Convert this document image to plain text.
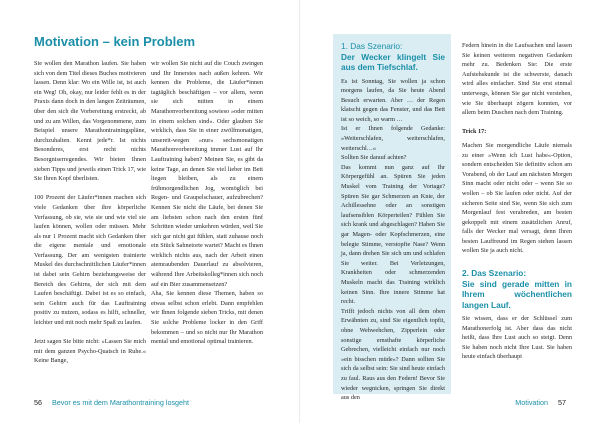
Motivation – kein Problem

Sie wollen den Marathon laufen. Sie haben sich von dem Titel dieses Buches motivieren lassen. Denn klar: Wo ein Wille ist, ist auch ein Weg! Oh, okay, nur leider fehlt es in der Praxis dann doch in den langen Zeiträumen, über den sich die Vorbereitung erstreckt, ab und zu am Willen, das Vorgenommene, zum Beispiel unsere Marathontrainingspläne, durchzuhalten. Kennt jede*r. Ist nichts Besonderes, erst recht nichts Besorgniserregendes. Wir bieten Ihnen sieben Tipps und jeweils einen Trick 17, wie Sie Ihren Kopf überlisten.

100 Prozent der Läufer*innen machen sich viele Gedanken über ihre körperliche Verfassung, ob sie, wie sie und wie viel sie laufen können, wollen oder müssen. Mehr als nur 1 Prozent macht sich Gedanken über die eigene mentale und emotionale Verfassung. Der am wenigsten trainierte Muskel des durchschnittlichen Läufer*innen ist dabei sein Gehirn beziehungsweise der Bereich des Gehirns, der sich mit dem Laufen beschäftigt. Dabei ist es so einfach, sein Gehirn auch für das Lauftraining positiv zu nutzen, sodass es hilft, schneller, leichter und mit noch mehr Spaß zu laufen.

Jetzt sagen Sie bitte nicht: »Lassen Sie mich mit dem ganzen Psycho-Quatsch in Ruhe.« Keine Bange,

wir wollen Sie nicht auf die Couch zwingen und Ihr Innerstes nach außen kehren. Wir kennen die Probleme, die Läufer*innen tagtäglich beschäftigen – vor allem, wenn sie sich mitten in einem Marathonvorbereitung sowieso »oder mitten in einem solchen sind«. Oder glauben Sie wirklich, dass Sie in einer zwölfmonatigen, unsereit-wegen »nur« sechsmonatigen Marathonvorbereitung immer Lust auf Ihr Lauftraining haben? Meinen Sie, es gibt da keine Tage, an denen Sie viel lieber im Bett liegen bleiben, als zu einem frühmorgendlichen Jog, womöglich bei Regen- und Graupelschauer, aufzubrechen? Kennen Sie nicht die Läufe, bei denen Sie am liebsten schon nach den ersten fünf Schritten wieder umkehren würden, weil Sie sich gar nicht gut fühlen, statt zuhause noch ein Stück Sahnetorte wartet? Macht es Ihnen wirklich nichts aus, nach der Arbeit einen atemraubenden Dauerlauf zu absolvieren, während Ihre Arbeitskolleg*innen sich noch auf ein Bier zusammensetzen?

Aha, Sie kennen diese Themen, haben so etwas selbst schon erlebt. Dann empfehlen wir Ihnen folgende sieben Tricks, mit denen Sie solche Probleme locker in den Griff bekommen – und so nicht nur Ihr Marathon mental und emotional optimal trainieren.

56 Bevor es mit dem Marathontraining losgeht
1. Das Szenario:
Der Wecker klingelt Sie aus dem Tiefschlaf.

Es ist Sonntag, Sie wollen ja schon morgens laufen, da Sie heute Abend Besuch erwarten. Aber … der Regen klatscht gegen das Fenster, und das Bett ist so weich, so warm …

Ist er Ihnen folgende Gedanke: »Weiterschlafen, weiterschlafen, weiterschl…«

Sollten Sie darauf achten?

Das kommt nun ganz auf Ihr Körpergefühl an. Spüren Sie jeden Muskel vom Training der Vortage? Spüren Sie gar Schmerzen an Knie, der Achillessehne oder an sonstigen laufsensiblen Körperteilen? Fühlen Sie sich krank und abgeschlagen? Haben Sie gar Magen- oder Kopfschmerzen, eine belegte Stimme, verstopfte Nase? Wenn ja, dann drehen Sie sich um und schlafen Sie weiter. Bei Verletzungen, Krankheiten oder schmerzenden Muskeln macht das Training wirklich keinen Sinn. Ihre innere Stimme hat recht.

Trifft jedoch nichts von all dem oben Erwähnten zu, sind Sie eigentlich topfit, ohne Wehwehchen, Zipperlein oder sonstige ernsthafte körperliche Gebrechen, vielleicht einfach nur noch »ein bisschen müde«? Dann sollten Sie sich da selbst sein: Sie sind heute einfach zu faul. Raus aus den Federn! Bevor Sie wieder wegnicken, springen Sie direkt aus den

Federn hinein in die Laufsachen und lassen Sie keinen weiteren negativen Gedanken mehr zu. Bedenken Sie: Die erste Aufstehskunde ist die schwerste, danach wird alles einfacher. Sind Sie erst einmal unterwegs, können Sie gar nicht verstehen, wie Sie überhaupt zögern konnten, vor allem beim Duschen nach dem Training.

Trick 17:

Machen Sie morgendliche Läufe niemals zu einer »Wenn ich Lust habe«-Option, sondern entscheiden Sie definitiv schon am Vorabend, ob der Lauf am nächsten Morgen Sinn macht oder nicht oder – wenn Sie so wollen – ob Sie laufen oder nicht. Auf der sicheren Seite sind Sie, wenn Sie sich zum Morgenlauf fest verabreden, am besten gekoppelt mit einem zusätzlichen Anruf, falls der Wecker mal versagt, denn Ihren besten Lauffreund im Regen stehen lassen wollen Sie ja auch nicht.

2. Das Szenario:
Sie sind gerade mitten in Ihrem wöchentlichen langen Lauf.

Sie wissen, dass er der Schlüssel zum Marathonerfolg ist. Aber dass das nicht heißt, dass Ihre Lust auch so steigt. Denn Sie haben noch nicht Ihre Lust. Sie haben heute einfach überhaupt

Motivation 57
